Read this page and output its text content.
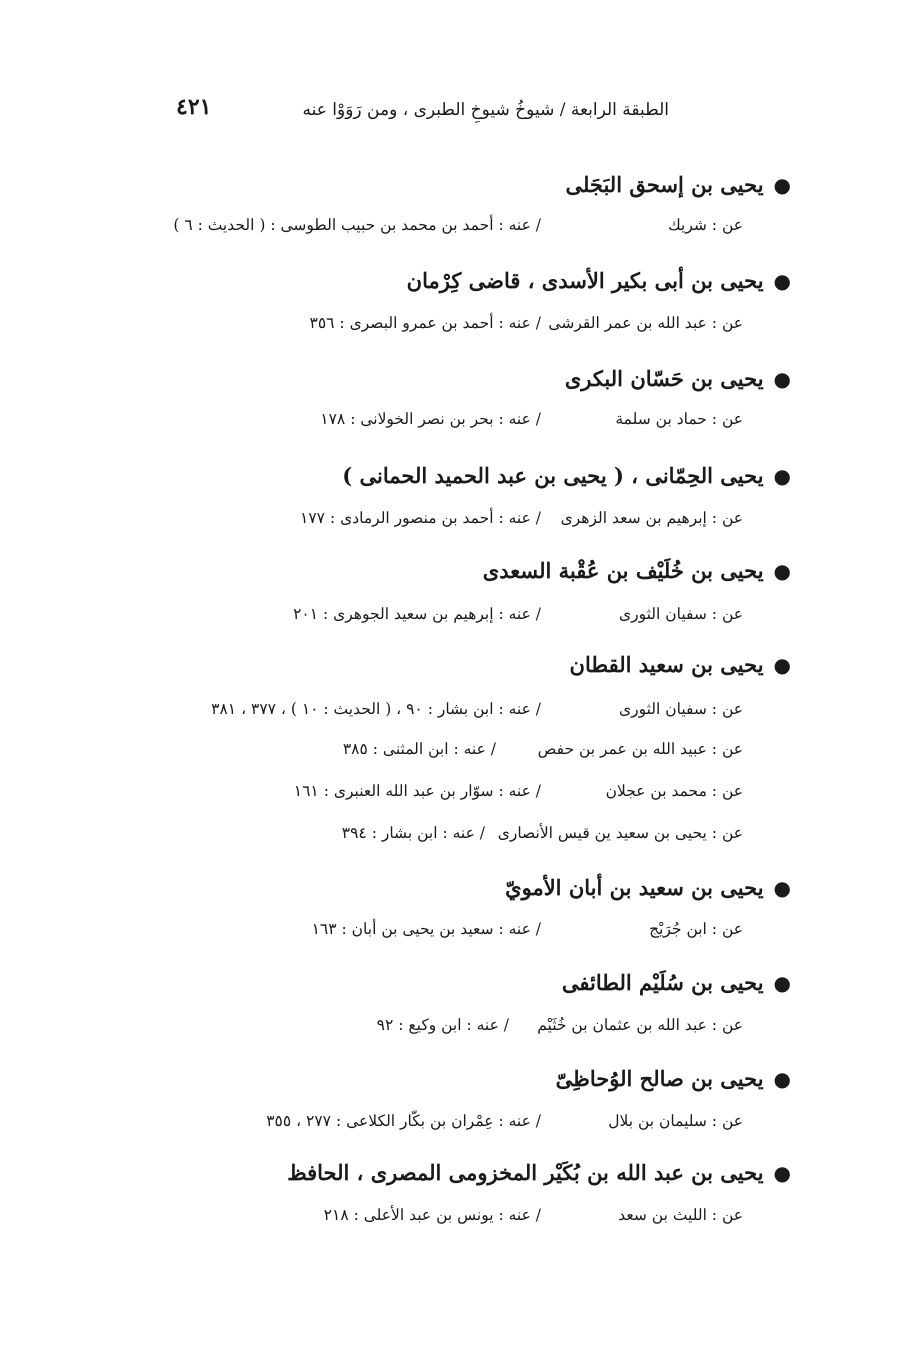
الطبقة الرابعة / شيوخُ شيوخِ الطبرى ، ومن رَوَوْا عنه
٤٢١
●
يحيى بن إسحق البَجَلى
عن : شريك
/ عنه : أحمد بن محمد بن حبيب الطوسى : ( الحديث : ٦ )
●
يحيى بن أبى بكير الأسدى ، قاضى كِرْمان
عن : عبد الله بن عمر القرشى
/ عنه : أحمد بن عمرو البصرى : ٣٥٦
●
يحيى بن حَسّان البكرى
عن : حماد بن سلمة
/ عنه : بحر بن نصر الخولانى : ١٧٨
●
يحيى الحِمّانى ، ( يحيى بن عبد الحميد الحمانى )
عن : إبرهيم بن سعد الزهرى
/ عنه : أحمد بن منصور الرمادى : ١٧٧
●
يحيى بن خُلَيْف بن عُقْبة السعدى
عن : سفيان الثورى
/ عنه : إبرهيم بن سعيد الجوهرى : ٢٠١
●
يحيى بن سعيد القطان
عن : سفيان الثورى
/ عنه : ابن بشار : ٩٠ ، ( الحديث : ١٠ ) ، ٣٧٧ ، ٣٨١
عن : عبيد الله بن عمر بن حفص
/ عنه : ابن المثنى : ٣٨٥
عن : محمد بن عجلان
/ عنه : سوّار بن عبد الله العنبرى : ١٦١
عن : يحيى بن سعيد ين قيس الأنصارى
/ عنه : ابن بشار : ٣٩٤
●
يحيى بن سعيد بن أبان الأمويّ
عن : ابن جُرَيْج
/ عنه : سعيد بن يحيى بن أبان : ١٦٣
●
يحيى بن سُلَيْم الطائفى
عن : عبد الله بن عثمان بن خُثَيْم
/ عنه : ابن وكيع : ٩٢
●
يحيى بن صالح الوُحاظِىّ
عن : سليمان بن بلال
/ عنه : عِمْران بن بكّار الكلاعى : ٢٧٧ ، ٣٥٥
●
يحيى بن عبد الله بن بُكَيْر المخزومى المصرى ، الحافظ
عن : الليث بن سعد
/ عنه : يونس بن عبد الأعلى : ٢١٨
